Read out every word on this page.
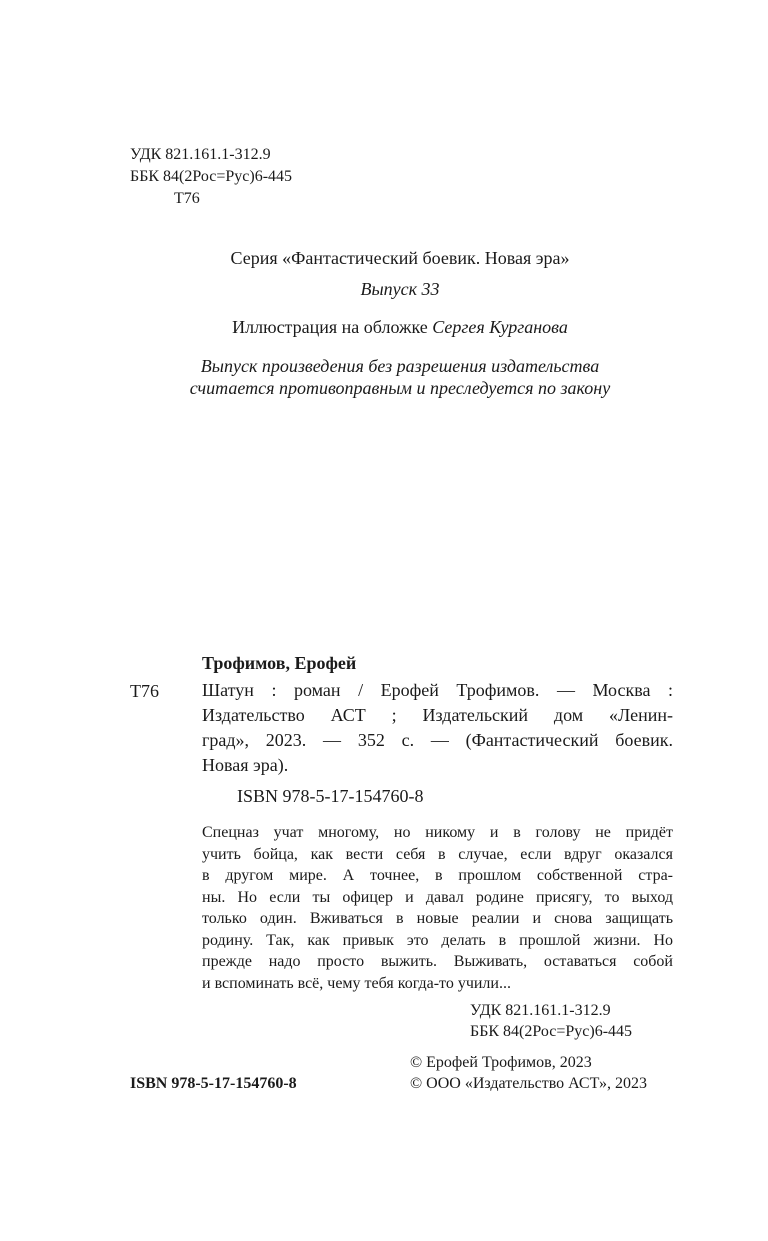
УДК 821.161.1-312.9
ББК 84(2Рос=Рус)6-445
Т76
Серия «Фантастический боевик. Новая эра»
Выпуск 33
Иллюстрация на обложке Сергея Курганова
Выпуск произведения без разрешения издательства
считается противоправным и преследуется по закону
Трофимов, Ерофей
Т76 Шатун : роман / Ерофей Трофимов. — Москва :
Издательство АСТ ; Издательский дом «Ленин-
град», 2023. — 352 с. — (Фантастический боевик.
Новая эра).
ISBN 978-5-17-154760-8
Спецназ учат многому, но никому и в голову не придёт
учить бойца, как вести себя в случае, если вдруг оказался
в другом мире. А точнее, в прошлом собственной стра-
ны. Но если ты офицер и давал родине присягу, то выход
только один. Вживаться в новые реалии и снова защищать
родину. Так, как привык это делать в прошлой жизни. Но
прежде надо просто выжить. Выживать, оставаться собой
и вспоминать всё, чему тебя когда-то учили...
УДК 821.161.1-312.9
ББК 84(2Рос=Рус)6-445
© Ерофей Трофимов, 2023
© ООО «Издательство АСТ», 2023
ISBN 978-5-17-154760-8
